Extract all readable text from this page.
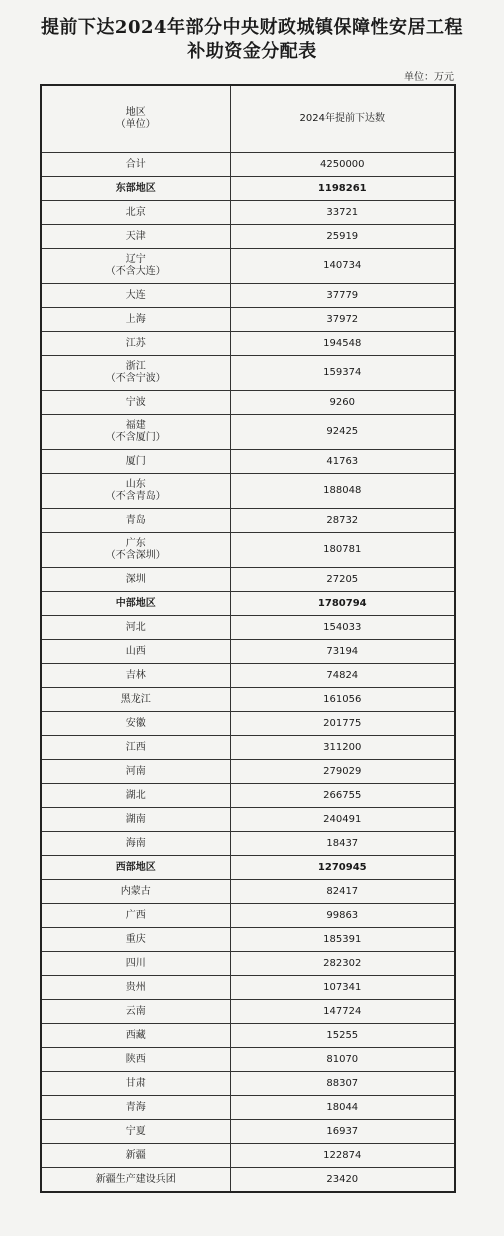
提前下达2024年部分中央财政城镇保障性安居工程
补助资金分配表
单位：万元
地区
（单位）	2024年提前下达数
合计	4250000
东部地区	1198261
北京	33721
天津	25919
辽宁
（不含大连）	140734
大连	37779
上海	37972
江苏	194548
浙江
（不含宁波）	159374
宁波	9260
福建
（不含厦门）	92425
厦门	41763
山东
（不含青岛）	188048
青岛	28732
广东
（不含深圳）	180781
深圳	27205
中部地区	1780794
河北	154033
山西	73194
吉林	74824
黑龙江	161056
安徽	201775
江西	311200
河南	279029
湖北	266755
湖南	240491
海南	18437
西部地区	1270945
内蒙古	82417
广西	99863
重庆	185391
四川	282302
贵州	107341
云南	147724
西藏	15255
陕西	81070
甘肃	88307
青海	18044
宁夏	16937
新疆	122874
新疆生产建设兵团	23420
